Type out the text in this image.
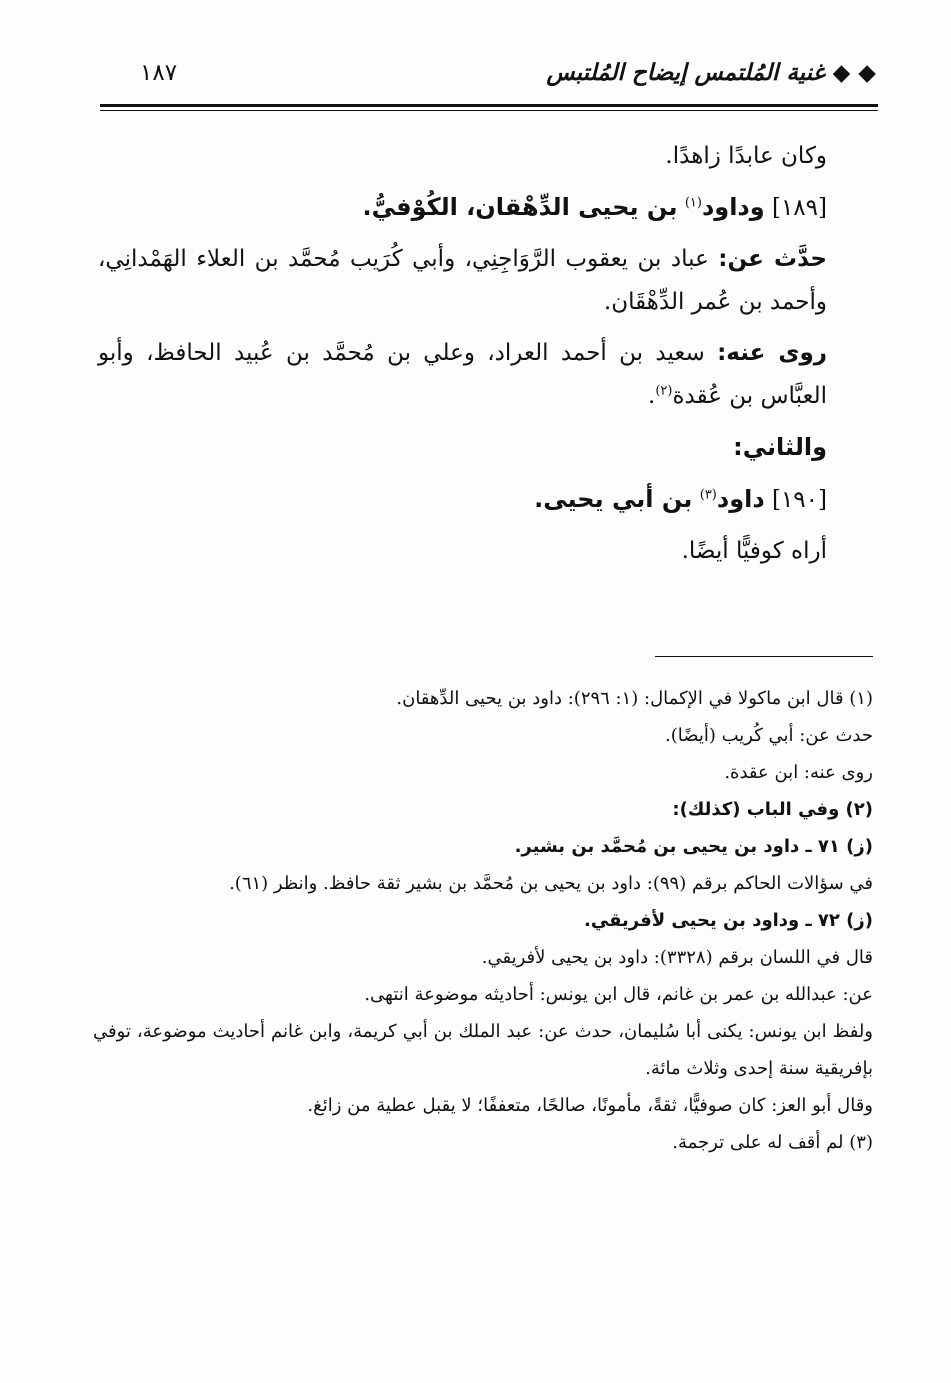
◆ ◆ غنية المُلتمس إيضاح المُلتبس
١٨٧

وكان عابدًا زاهدًا.

[١٨٩] وداود$^{(١)}$ بن يحيى الدِّهْقان، الكُوْفيُّ.

حدَّث عن: عباد بن يعقوب الرَّوَاجِنِي، وأبي كُرَيب مُحمَّد بن العلاء الهَمْدانِي، وأحمد بن عُمر الدِّهْقَان.

روى عنه: سعيد بن أحمد العراد، وعلي بن مُحمَّد بن عُبيد الحافظ، وأبو العبَّاس بن عُقدة$^{(٢)}$.

والثاني:

[١٩٠] داود$^{(٣)}$ بن أبي يحيى.

أراه كوفيًّا أيضًا.

(١) قال ابن ماكولا في الإكمال: (١: ٢٩٦): داود بن يحيى الدِّهقان.

حدث عن: أبي كُريب (أيضًا).

روى عنه: ابن عقدة.

(٢) وفي الباب (كذلك):

(ز) ٧١ ـ داود بن يحيى بن مُحمَّد بن بشير.

في سؤالات الحاكم برقم (٩٩): داود بن يحيى بن مُحمَّد بن بشير ثقة حافظ. وانظر (٦١).

(ز) ٧٢ ـ وداود بن يحيى لأفريقي.

قال في اللسان برقم (٣٣٢٨): داود بن يحيى لأفريقي.

عن: عبدالله بن عمر بن غانم، قال ابن يونس: أحاديثه موضوعة انتهى.

ولفظ ابن يونس: يكنى أبا سُليمان، حدث عن: عبد الملك بن أبي كريمة، وابن غانم أحاديث موضوعة، توفي بإفريقية سنة إحدى وثلاث مائة.

وقال أبو العز: كان صوفيًّا، ثقةً، مأمونًا، صالحًا، متعففًا؛ لا يقبل عطية من زائغ.

(٣) لم أقف له على ترجمة.
